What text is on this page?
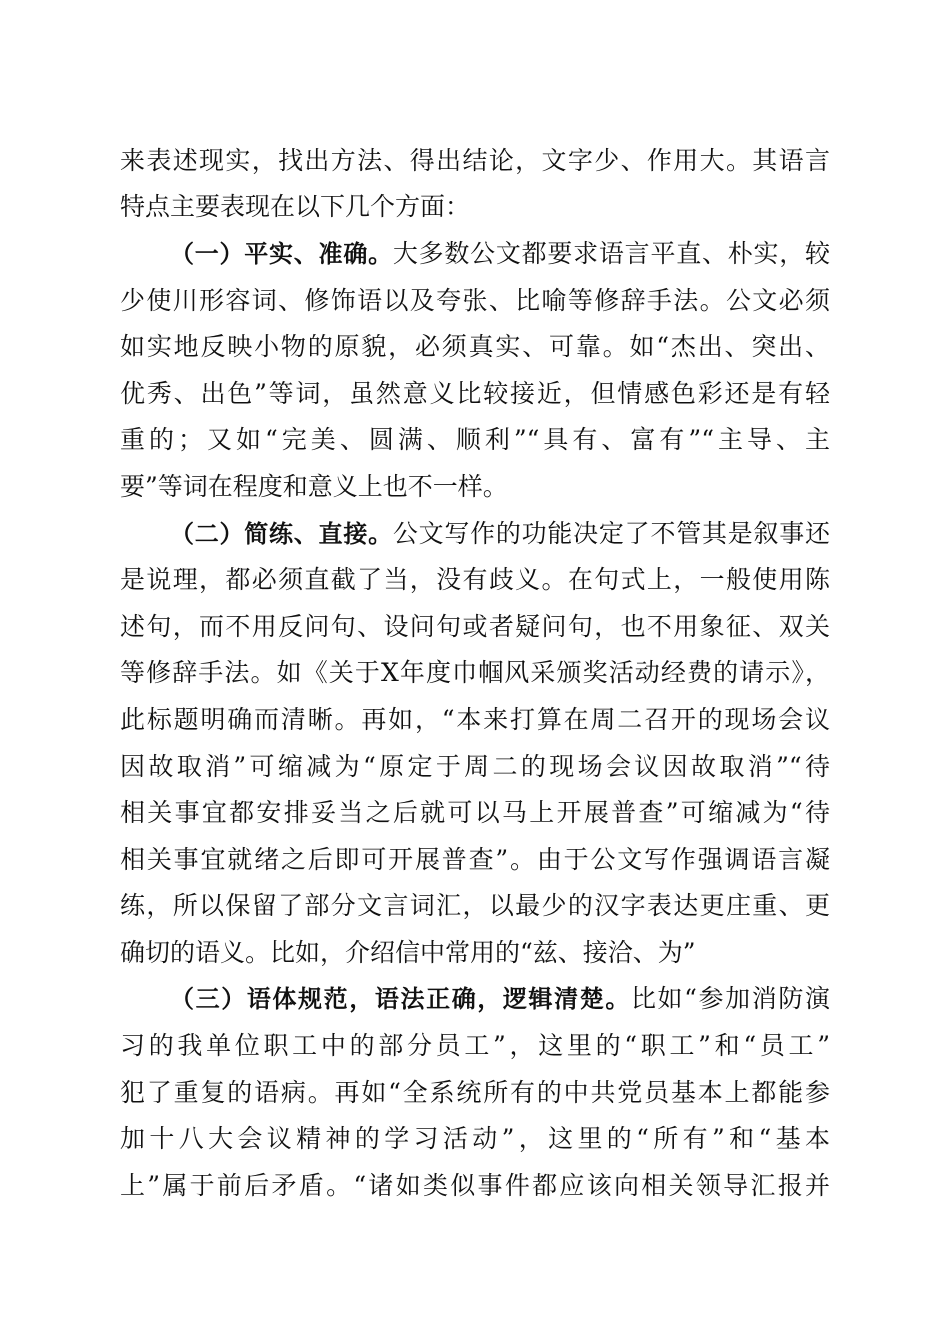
来表述现实，找出方法、得出结论，文字少、作用大。其语言
特点主要表现在以下几个方面：
（一）平实、准确。大多数公文都要求语言平直、朴实，较
少使川形容词、修饰语以及夸张、比喻等修辞手法。公文必须
如实地反映小物的原貌，必须真实、可靠。如“杰出、突出、
优秀、出色”等词，虽然意义比较接近，但情感色彩还是有轻
重的；又如“完美、圆满、顺利”“具有、富有”“主导、主
要”等词在程度和意义上也不一样。
（二）简练、直接。公文写作的功能决定了不管其是叙事还
是说理，都必须直截了当，没有歧义。在句式上，一般使用陈
述句，而不用反问句、设问句或者疑问句，也不用象征、双关
等修辞手法。如《关于X年度巾帼风采颁奖活动经费的请示》，
此标题明确而清晰。再如，“本来打算在周二召开的现场会议
因故取消”可缩减为“原定于周二的现场会议因故取消”“待
相关事宜都安排妥当之后就可以马上开展普查”可缩减为“待
相关事宜就绪之后即可开展普查”。由于公文写作强调语言凝
练，所以保留了部分文言词汇，以最少的汉字表达更庄重、更
确切的语义。比如，介绍信中常用的“兹、接洽、为”
（三）语体规范，语法正确，逻辑清楚。比如“参加消防演
习的我单位职工中的部分员工”，这里的“职工”和“员工”
犯了重复的语病。再如“全系统所有的中共党员基本上都能参
加十八大会议精神的学习活动”，这里的“所有”和“基本
上”属于前后矛盾。“诸如类似事件都应该向相关领导汇报并
